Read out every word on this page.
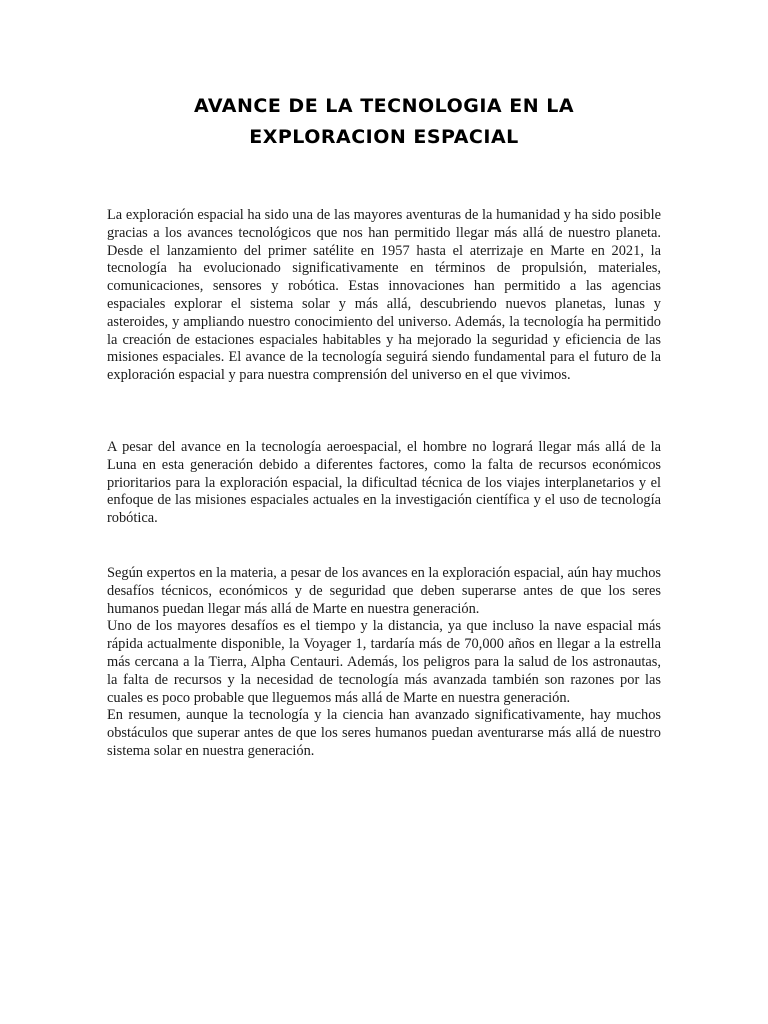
AVANCE DE LA TECNOLOGIA EN LA
EXPLORACION ESPACIAL

La exploración espacial ha sido una de las mayores aventuras de la humanidad y ha sido posible gracias a los avances tecnológicos que nos han permitido llegar más allá de nuestro planeta. Desde el lanzamiento del primer satélite en 1957 hasta el aterrizaje en Marte en 2021, la tecnología ha evolucionado significativamente en términos de propulsión, materiales, comunicaciones, sensores y robótica. Estas innovaciones han permitido a las agencias espaciales explorar el sistema solar y más allá, descubriendo nuevos planetas, lunas y asteroides, y ampliando nuestro conocimiento del universo. Además, la tecnología ha permitido la creación de estaciones espaciales habitables y ha mejorado la seguridad y eficiencia de las misiones espaciales. El avance de la tecnología seguirá siendo fundamental para el futuro de la exploración espacial y para nuestra comprensión del universo en el que vivimos.

A pesar del avance en la tecnología aeroespacial, el hombre no logrará llegar más allá de la Luna en esta generación debido a diferentes factores, como la falta de recursos económicos prioritarios para la exploración espacial, la dificultad técnica de los viajes interplanetarios y el enfoque de las misiones espaciales actuales en la investigación científica y el uso de tecnología robótica.

Según expertos en la materia, a pesar de los avances en la exploración espacial, aún hay muchos desafíos técnicos, económicos y de seguridad que deben superarse antes de que los seres humanos puedan llegar más allá de Marte en nuestra generación.

Uno de los mayores desafíos es el tiempo y la distancia, ya que incluso la nave espacial más rápida actualmente disponible, la Voyager 1, tardaría más de 70,000 años en llegar a la estrella más cercana a la Tierra, Alpha Centauri. Además, los peligros para la salud de los astronautas, la falta de recursos y la necesidad de tecnología más avanzada también son razones por las cuales es poco probable que lleguemos más allá de Marte en nuestra generación.

En resumen, aunque la tecnología y la ciencia han avanzado significativamente, hay muchos obstáculos que superar antes de que los seres humanos puedan aventurarse más allá de nuestro sistema solar en nuestra generación.
